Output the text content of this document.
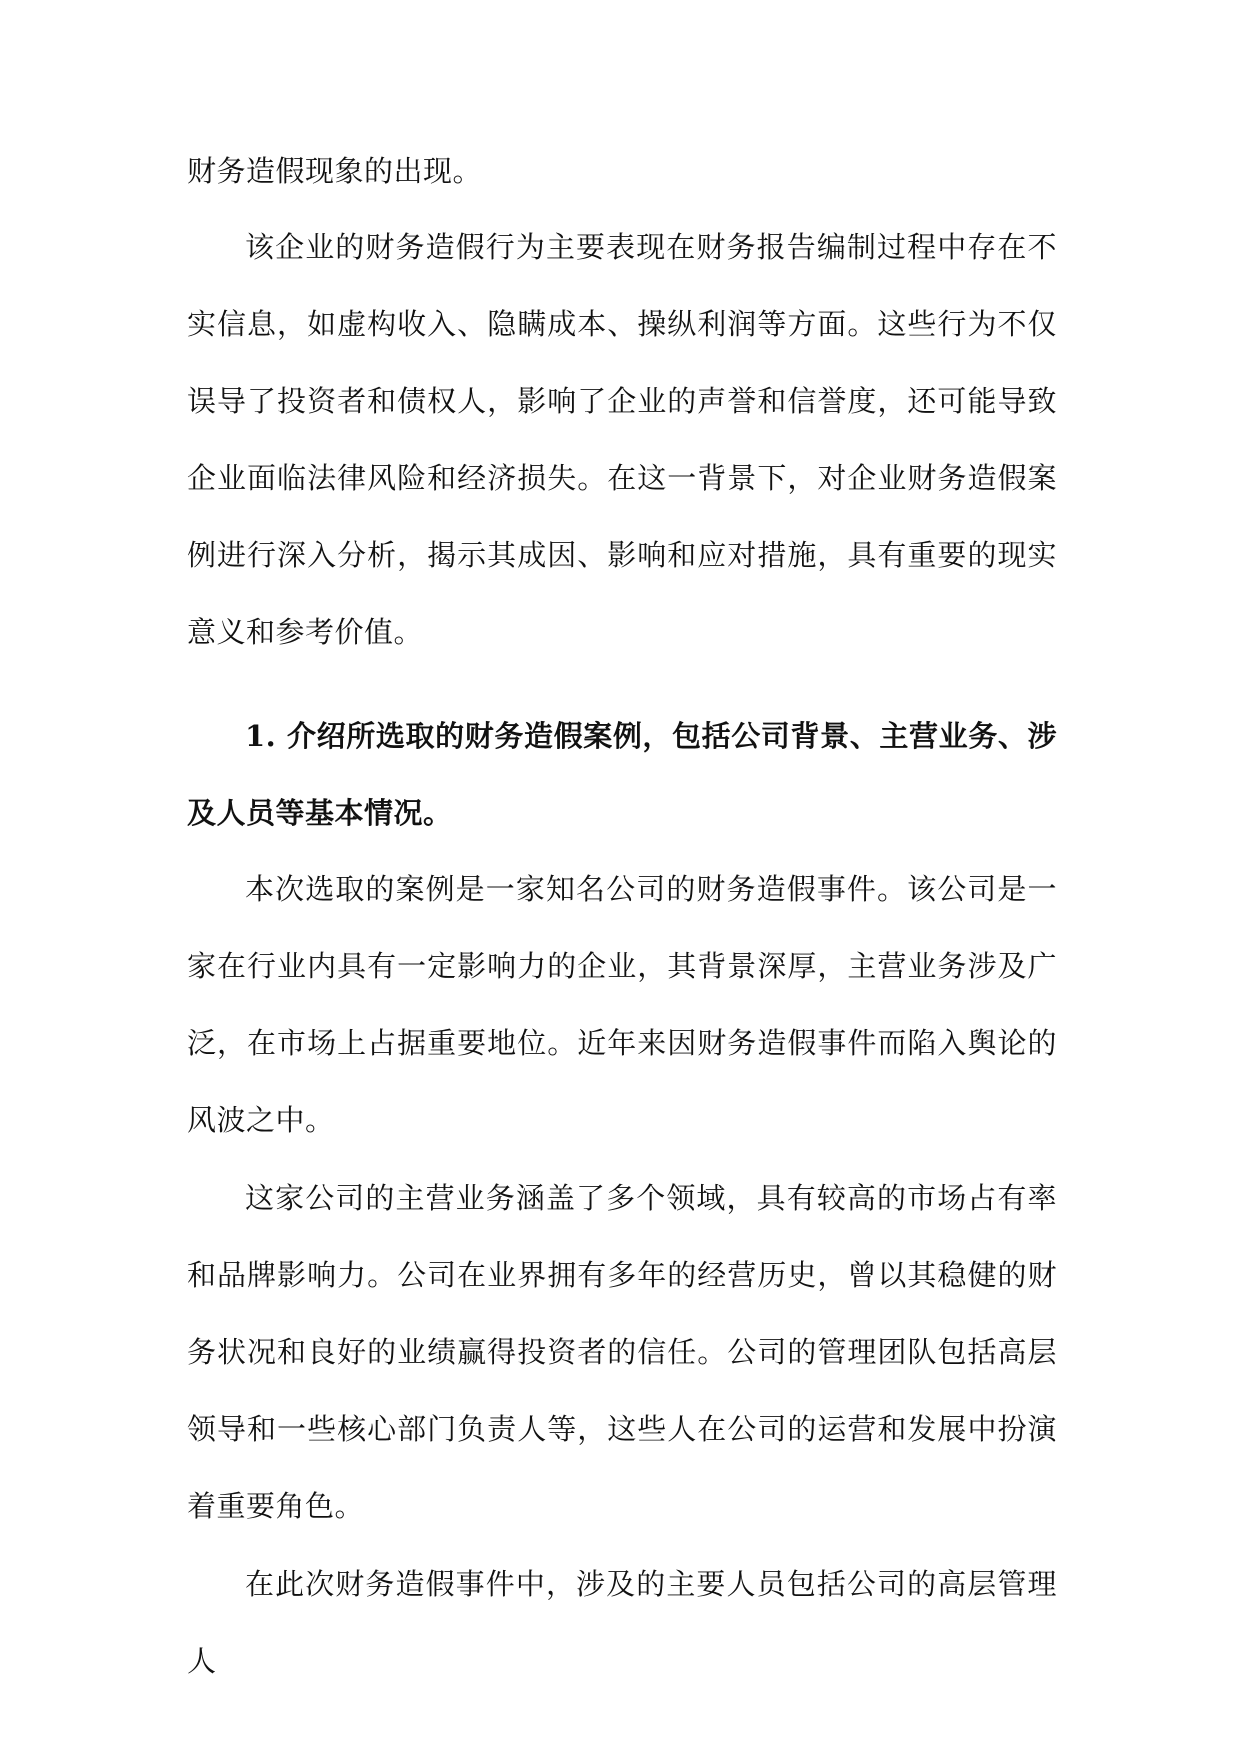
财务造假现象的出现。

该企业的财务造假行为主要表现在财务报告编制过程中存在不实信息，如虚构收入、隐瞒成本、操纵利润等方面。这些行为不仅误导了投资者和债权人，影响了企业的声誉和信誉度，还可能导致企业面临法律风险和经济损失。在这一背景下，对企业财务造假案例进行深入分析，揭示其成因、影响和应对措施，具有重要的现实意义和参考价值。

1. 介绍所选取的财务造假案例，包括公司背景、主营业务、涉及人员等基本情况。

本次选取的案例是一家知名公司的财务造假事件。该公司是一家在行业内具有一定影响力的企业，其背景深厚，主营业务涉及广泛，在市场上占据重要地位。近年来因财务造假事件而陷入舆论的风波之中。

这家公司的主营业务涵盖了多个领域，具有较高的市场占有率和品牌影响力。公司在业界拥有多年的经营历史，曾以其稳健的财务状况和良好的业绩赢得投资者的信任。公司的管理团队包括高层领导和一些核心部门负责人等，这些人在公司的运营和发展中扮演着重要角色。

在此次财务造假事件中，涉及的主要人员包括公司的高层管理人
